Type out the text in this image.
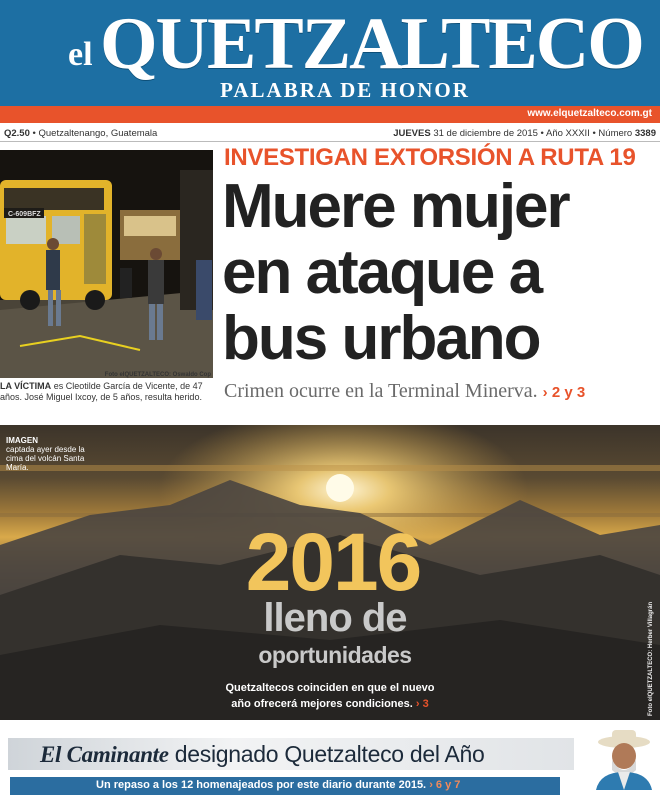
el QUETZALTECO
PALABRA DE HONOR
www.elquetzalteco.com.gt
Q2.50 • Quetzaltenango, Guatemala	JUEVES 31 de diciembre de 2015 • Año XXXII • Número 3389
C-609BFZ
Foto elQUETZALTECO: Oswaldo Cop
LA VÍCTIMA es Cleotilde García de Vicente, de 47 años. José Miguel Ixcoy, de 5 años, resulta herido.
INVESTIGAN EXTORSIÓN A RUTA 19
Muere mujer
en ataque a
bus urbano
Crimen ocurre en la Terminal Minerva. › 2 y 3
IMAGEN
captada ayer desde la cima del volcán Santa María.
2016
lleno de
oportunidades
Quetzaltecos coinciden en que el nuevo
año ofrecerá mejores condiciones. › 3	Foto elQUETZALTECO: Herber Villagrán
El Caminante designado Quetzalteco del Año
Un repaso a los 12 homenajeados por este diario durante 2015. › 6 y 7
